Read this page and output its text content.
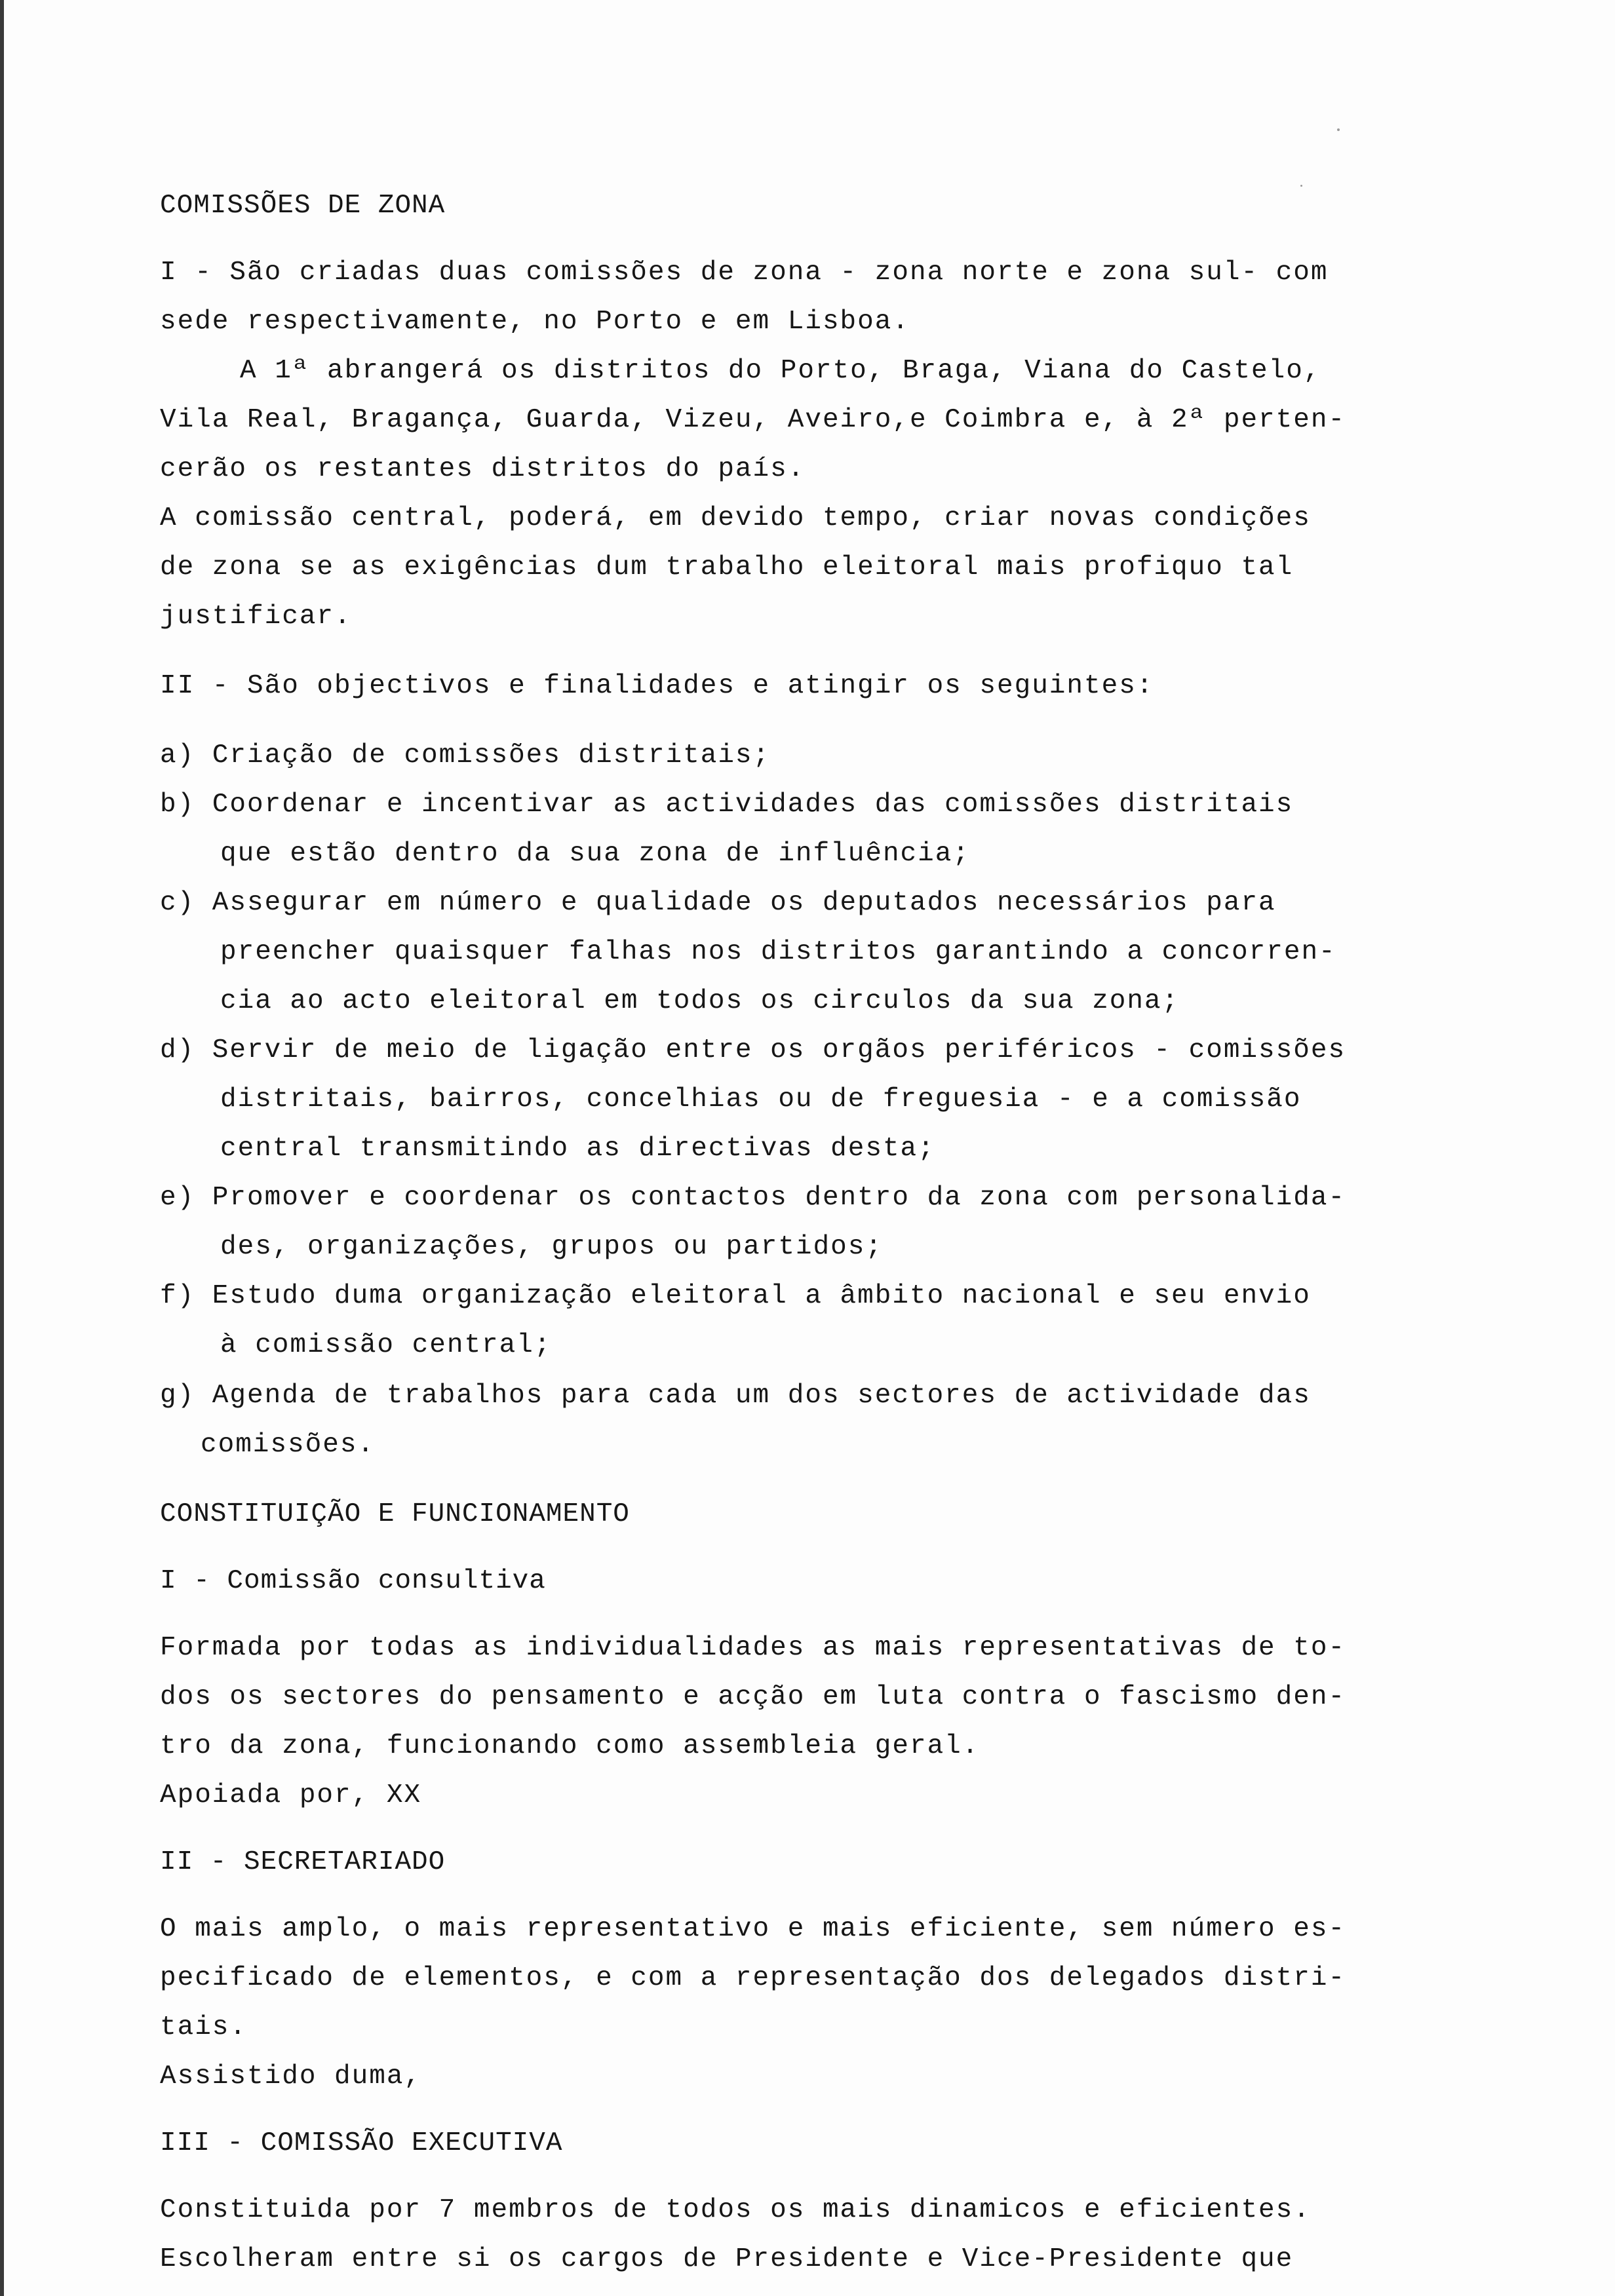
COMISSÕES DE ZONA

I - São criadas duas comissões de zona - zona norte e zona sul- com

sede respectivamente, no Porto e em Lisboa.

A 1ª abrangerá os distritos do Porto, Braga, Viana do Castelo,

Vila Real, Bragança, Guarda, Vizeu, Aveiro,e Coimbra e, à 2ª perten-

cerão os restantes distritos do país.

A comissão central, poderá, em devido tempo, criar novas condições

de zona se as exigências dum trabalho eleitoral mais profiquo tal

justificar.

II - São objectivos e finalidades e atingir os seguintes:

a) Criação de comissões distritais;

b) Coordenar e incentivar as actividades das comissões distritais

que estão dentro da sua zona de influência;

c) Assegurar em número e qualidade os deputados necessários para

preencher quaisquer falhas nos distritos garantindo a concorren-

cia ao acto eleitoral em todos os circulos da sua zona;

d) Servir de meio de ligação entre os orgãos periféricos - comissões

distritais, bairros, concelhias ou de freguesia - e a comissão

central transmitindo as directivas desta;

e) Promover e coordenar os contactos dentro da zona com personalida-

des, organizações, grupos ou partidos;

f) Estudo duma organização eleitoral a âmbito nacional e seu envio

à comissão central;

g) Agenda de trabalhos para cada um dos sectores de actividade das

comissões.

CONSTITUIÇÃO E FUNCIONAMENTO

I - Comissão consultiva

Formada por todas as individualidades as mais representativas de to-

dos os sectores do pensamento e acção em luta contra o fascismo den-

tro da zona, funcionando como assembleia geral.

Apoiada por, XX

II - SECRETARIADO

O mais amplo, o mais representativo e mais eficiente, sem número es-

pecificado de elementos, e com a representação dos delegados distri-

tais.

Assistido duma,

III - COMISSÃO EXECUTIVA

Constituida por 7 membros de todos os mais dinamicos e eficientes.

Escolheram entre si os cargos de Presidente e Vice-Presidente que
